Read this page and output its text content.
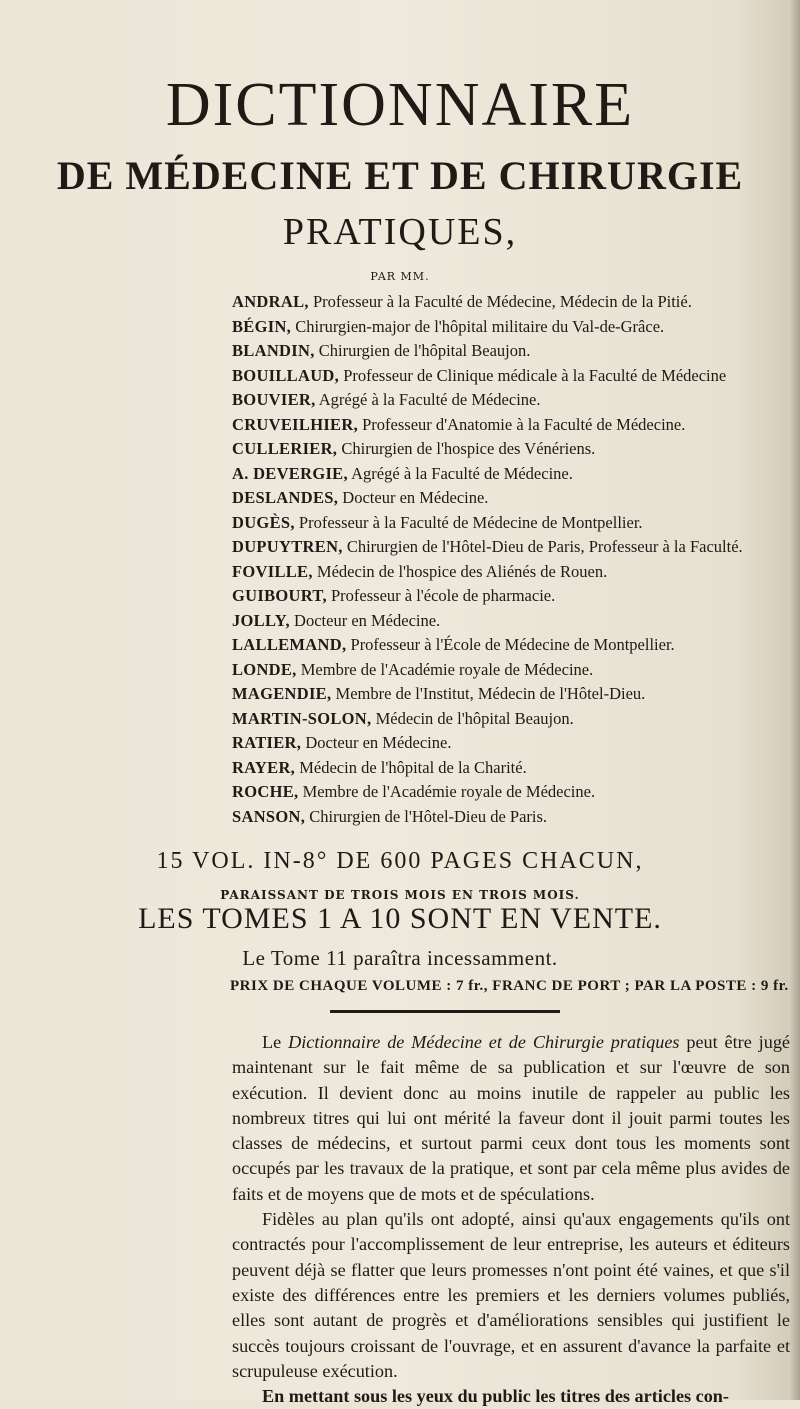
DICTIONNAIRE
DE MÉDECINE ET DE CHIRURGIE
PRATIQUES,
PAR MM.
ANDRAL, Professeur à la Faculté de Médecine, Médecin de la Pitié.
BÉGIN, Chirurgien-major de l'hôpital militaire du Val-de-Grâce.
BLANDIN, Chirurgien de l'hôpital Beaujon.
BOUILLAUD, Professeur de Clinique médicale à la Faculté de Médecine
BOUVIER, Agrégé à la Faculté de Médecine.
CRUVEILHIER, Professeur d'Anatomie à la Faculté de Médecine.
CULLERIER, Chirurgien de l'hospice des Vénériens.
A. DEVERGIE, Agrégé à la Faculté de Médecine.
DESLANDES, Docteur en Médecine.
DUGÈS, Professeur à la Faculté de Médecine de Montpellier.
DUPUYTREN, Chirurgien de l'Hôtel-Dieu de Paris, Professeur à la Faculté.
FOVILLE, Médecin de l'hospice des Aliénés de Rouen.
GUIBOURT, Professeur à l'école de pharmacie.
JOLLY, Docteur en Médecine.
LALLEMAND, Professeur à l'École de Médecine de Montpellier.
LONDE, Membre de l'Académie royale de Médecine.
MAGENDIE, Membre de l'Institut, Médecin de l'Hôtel-Dieu.
MARTIN-SOLON, Médecin de l'hôpital Beaujon.
RATIER, Docteur en Médecine.
RAYER, Médecin de l'hôpital de la Charité.
ROCHE, Membre de l'Académie royale de Médecine.
SANSON, Chirurgien de l'Hôtel-Dieu de Paris.
15 VOL. IN-8° DE 600 PAGES CHACUN,
PARAISSANT DE TROIS MOIS EN TROIS MOIS.
LES TOMES 1 A 10 SONT EN VENTE.
Le Tome 11 paraîtra incessamment.
PRIX DE CHAQUE VOLUME : 7 fr., FRANC DE PORT ; PAR LA POSTE : 9 fr.

Le Dictionnaire de Médecine et de Chirurgie pratiques peut être jugé maintenant sur le fait même de sa publication et sur l'œuvre de son exécution. Il devient donc au moins inutile de rappeler au public les nombreux titres qui lui ont mérité la faveur dont il jouit parmi toutes les classes de médecins, et surtout parmi ceux dont tous les moments sont occupés par les travaux de la pratique, et sont par cela même plus avides de faits et de moyens que de mots et de spéculations.

Fidèles au plan qu'ils ont adopté, ainsi qu'aux engagements qu'ils ont contractés pour l'accomplissement de leur entreprise, les auteurs et éditeurs peuvent déjà se flatter que leurs promesses n'ont point été vaines, et que s'il existe des différences entre les premiers et les derniers volumes publiés, elles sont autant de progrès et d'améliorations sensibles qui justifient le succès toujours croissant de l'ouvrage, et en assurent d'avance la parfaite et scrupuleuse exécution.

En mettant sous les yeux du public les titres des articles con-
